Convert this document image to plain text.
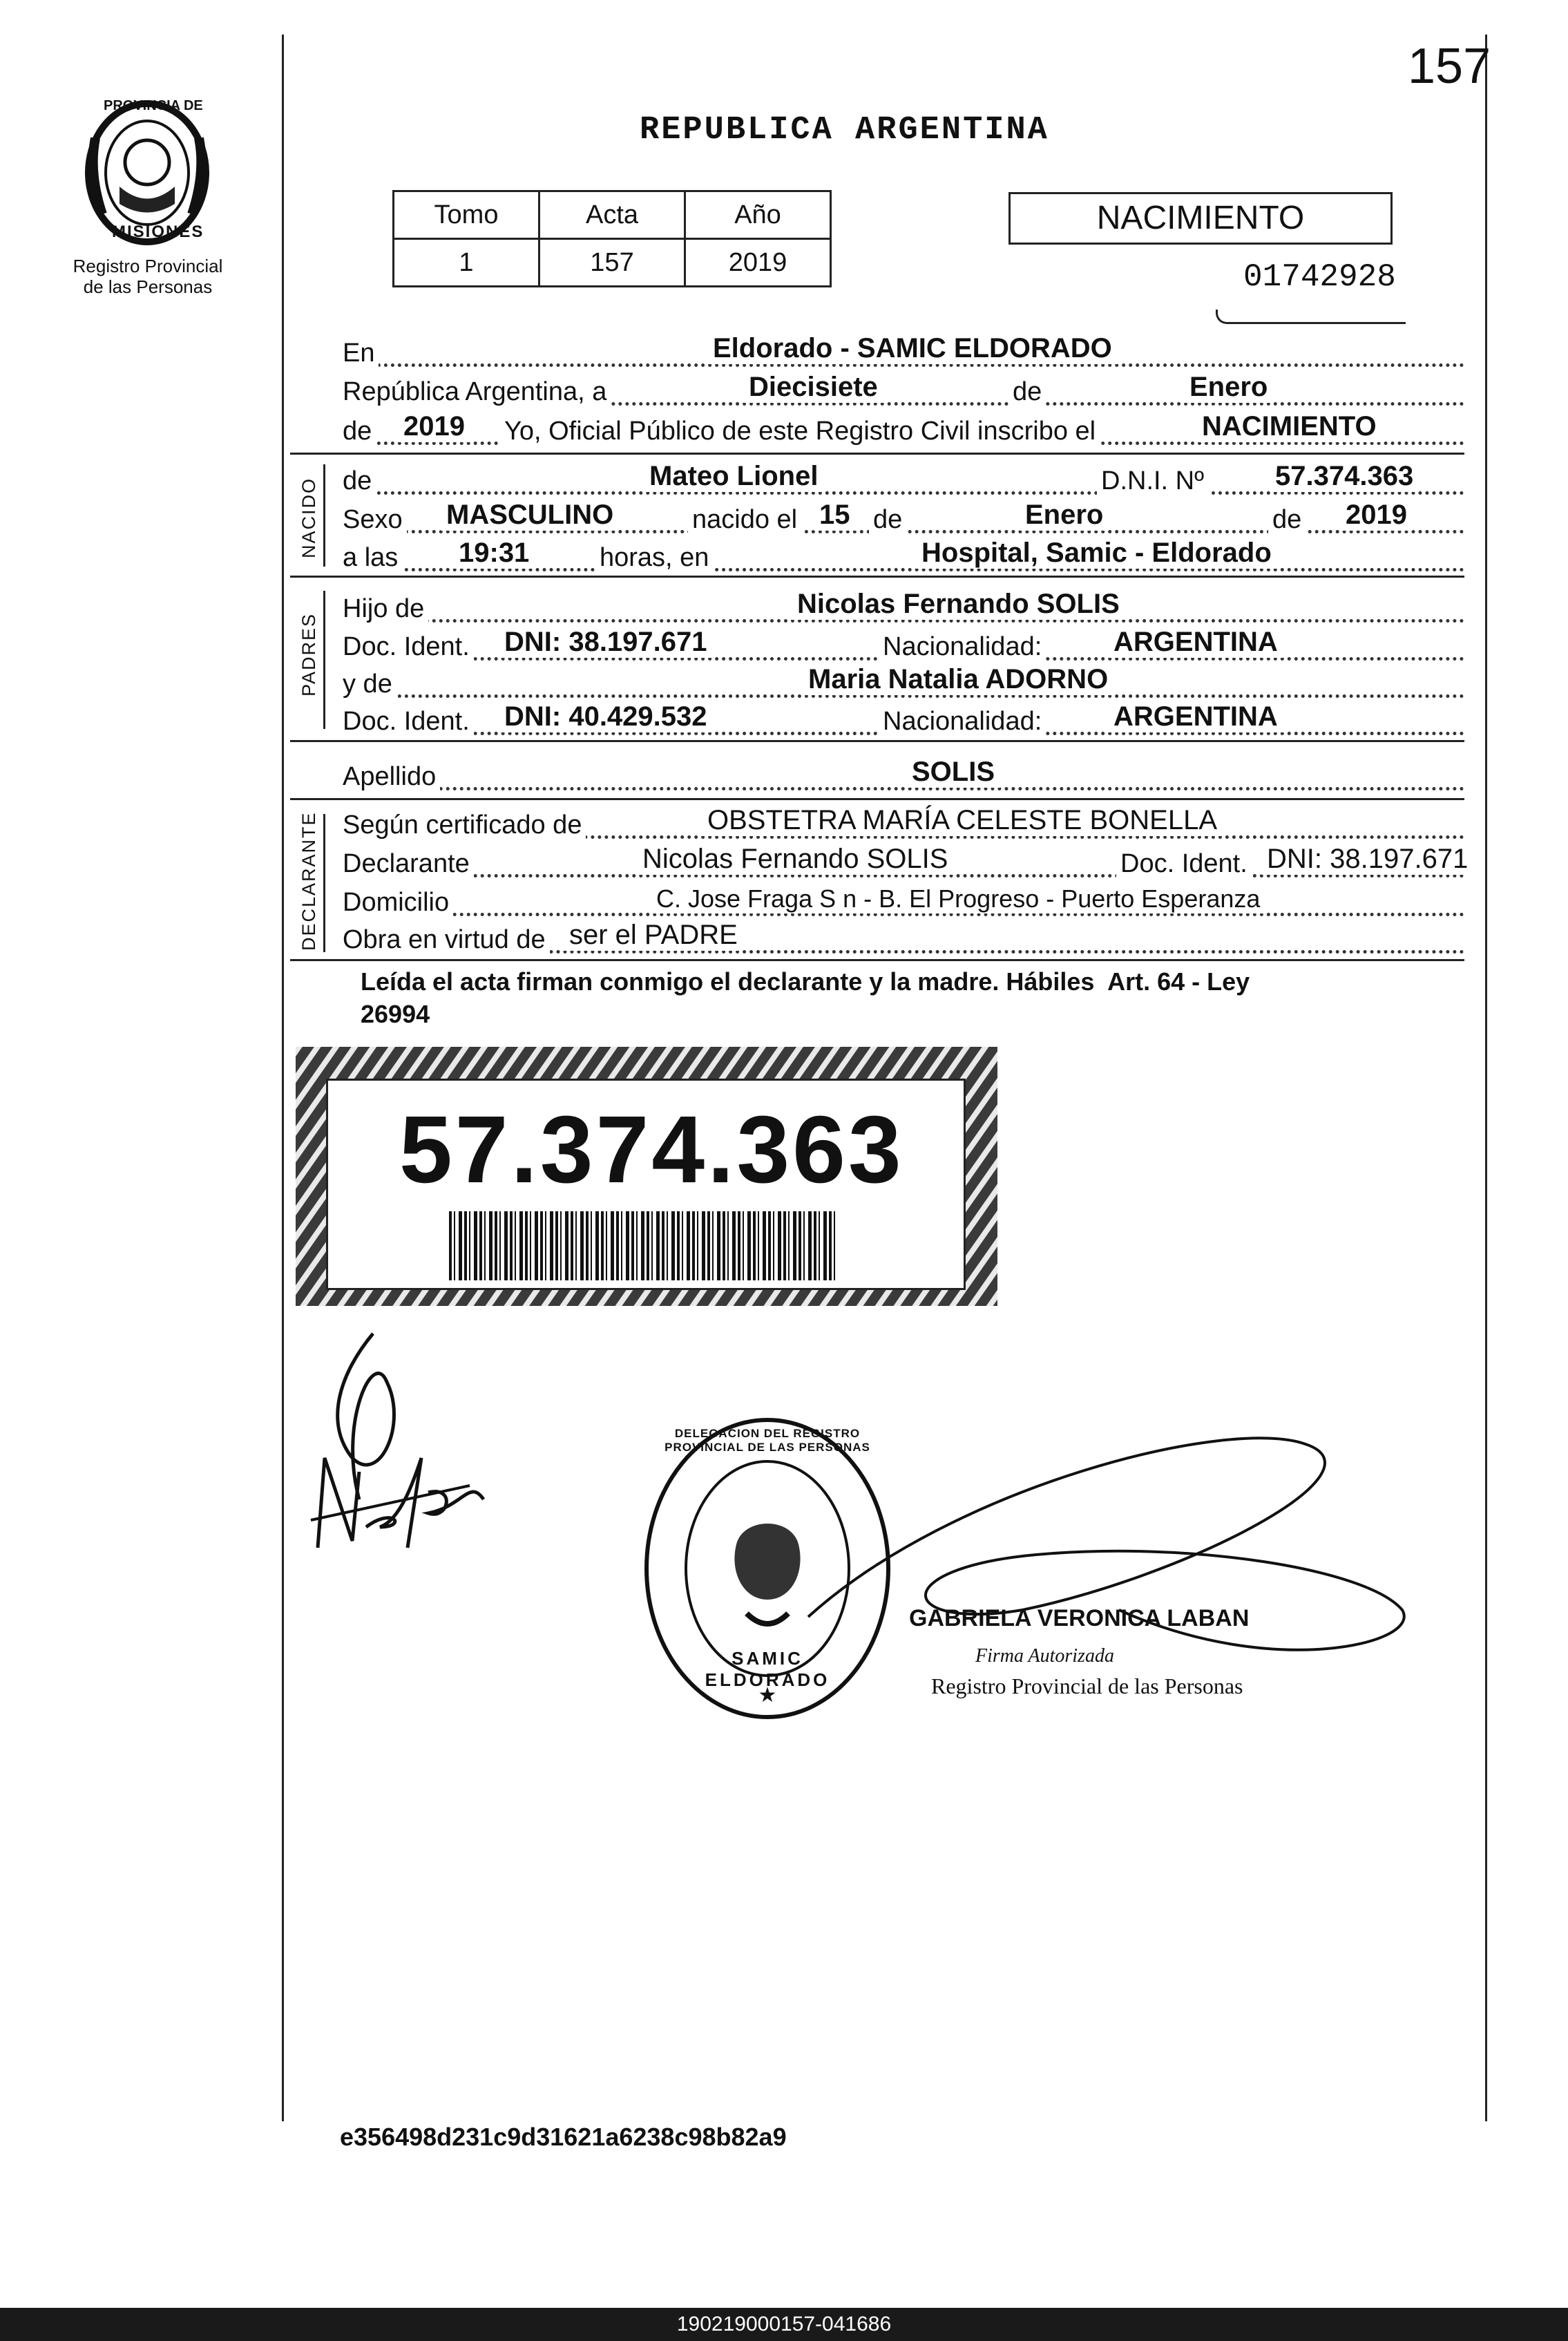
157
PROVINCIA DE
MISIONES
Registro Provincial
de las Personas
REPUBLICA ARGENTINA
Tomo	Acta	Año
1	157	2019
NACIMIENTO
01742928
En	Eldorado - SAMIC ELDORADO
República Argentina, a	Diecisiete	de	Enero
de 2019 Yo, Oficial Público de este Registro Civil inscribo el	NACIMIENTO
NACIDO de	Mateo Lionel	D.N.I. Nº	57.374.363
Sexo MASCULINO	nacido el 15 de	Enero	de 2019
a las 19:31	horas, en	Hospital, Samic - Eldorado
PADRES
Hijo de	Nicolas Fernando SOLIS
Doc. Ident. DNI: 38.197.671	Nacionalidad:	ARGENTINA
y de	Maria Natalia ADORNO
Doc. Ident. DNI: 40.429.532	Nacionalidad:	ARGENTINA
Apellido	SOLIS
DECLARANTE Según certificado de	OBSTETRA MARÍA CELESTE BONELLA
Declarante	Nicolas Fernando SOLIS	Doc. Ident. DNI: 38.197.671
Domicilio	C. Jose Fraga S n - B. El Progreso - Puerto Esperanza
Obra en virtud de ser el PADRE
Leída el acta firman conmigo el declarante y la madre. Hábiles  Art. 64 - Ley
26994
57.374.363
★
DELEGACION DEL REGISTRO PROVINCIAL DE LAS PERSONAS
SAMIC ELDORADO
GABRIELA VERONICA LABAN
Firma Autorizada
Registro Provincial de las Personas
e356498d231c9d31621a6238c98b82a9
190219000157-041686
